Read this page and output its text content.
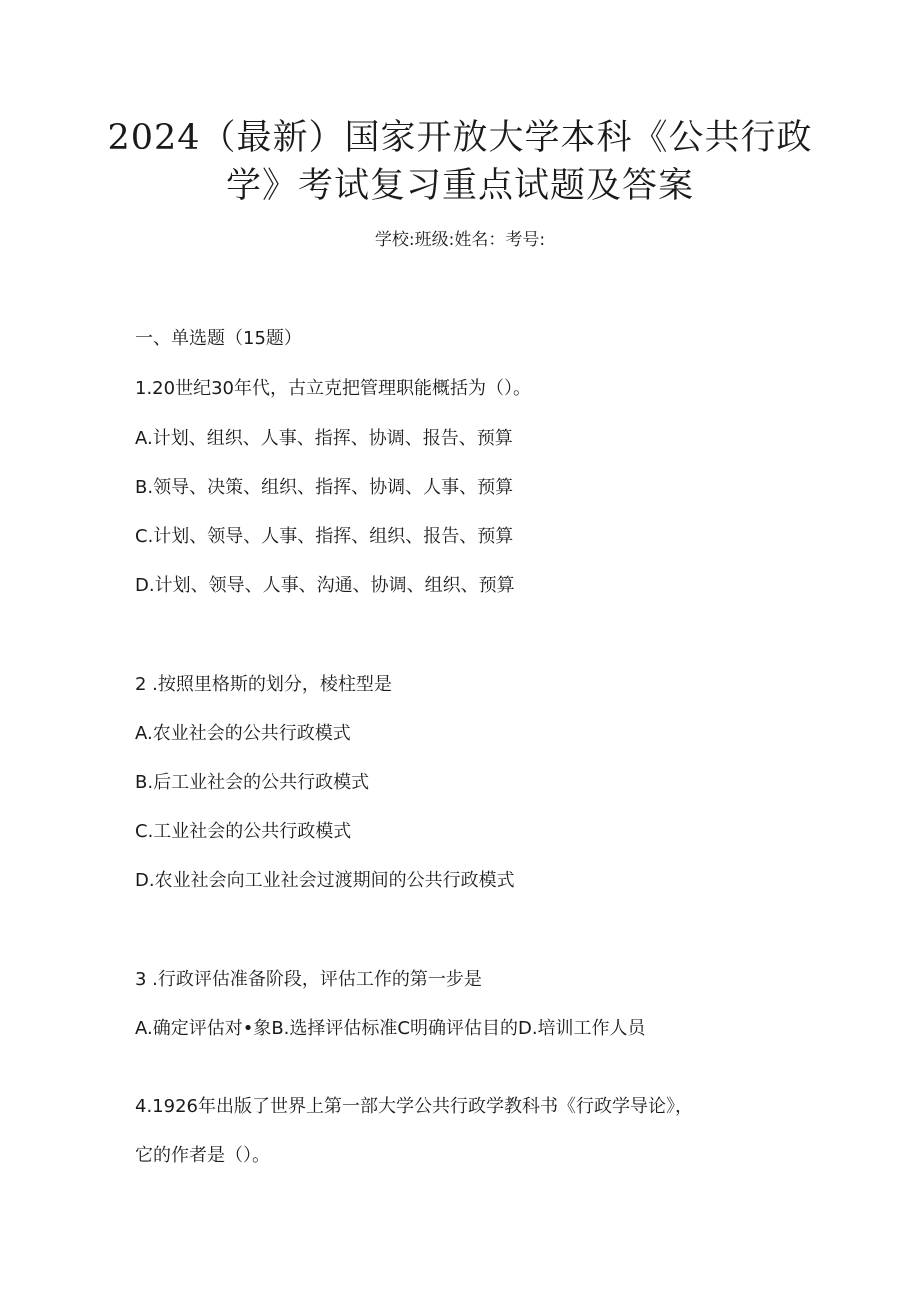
2024（最新）国家开放大学本科《公共行政
学》考试复习重点试题及答案
学校:班级:姓名：考号:
一、单选题（15题）
1.20世纪30年代，古立克把管理职能概括为（）。
A.计划、组织、人事、指挥、协调、报告、预算
B.领导、决策、组织、指挥、协调、人事、预算
C.计划、领导、人事、指挥、组织、报告、预算
D.计划、领导、人事、沟通、协调、组织、预算
2 .按照里格斯的划分，棱柱型是
A.农业社会的公共行政模式
B.后工业社会的公共行政模式
C.工业社会的公共行政模式
D.农业社会向工业社会过渡期间的公共行政模式
3 .行政评估准备阶段，评估工作的第一步是
A.确定评估对•象B.选择评估标准C明确评估目的D.培训工作人员
4.1926年出版了世界上第一部大学公共行政学教科书《行政学导论》，
它的作者是（）。
